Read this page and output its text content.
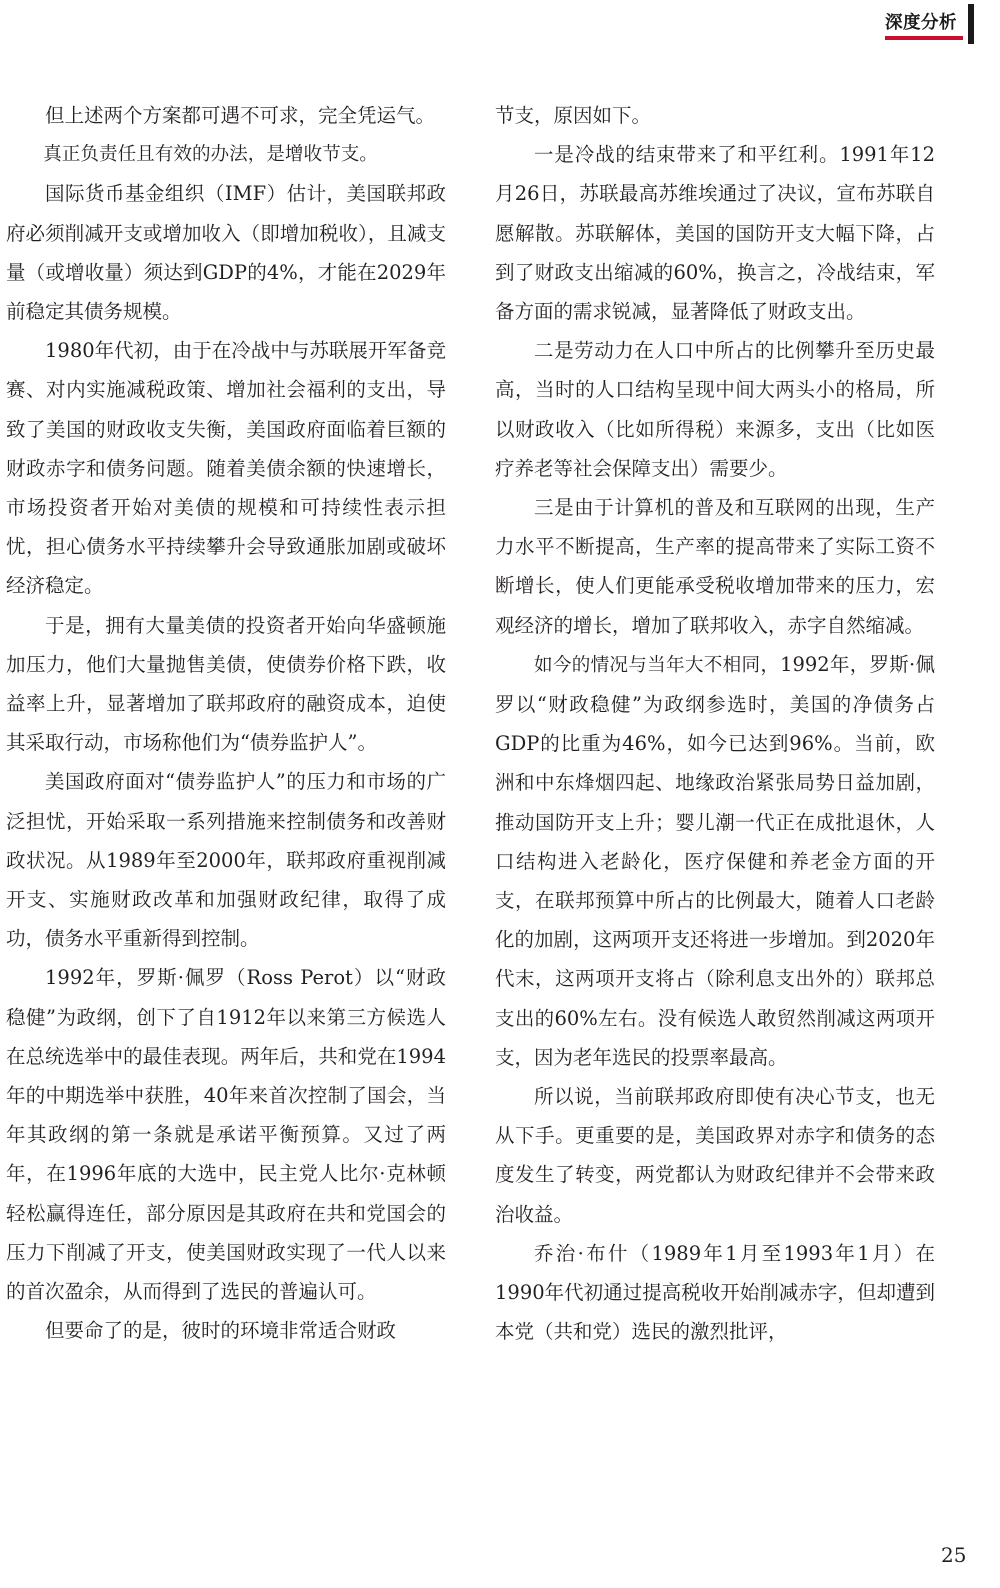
深度分析

但上述两个方案都可遇不可求，完全凭运气。

真正负责任且有效的办法，是增收节支。

国际货币基金组织（IMF）估计，美国联邦政府必须削减开支或增加收入（即增加税收），且减支量（或增收量）须达到GDP的4%，才能在2029年前稳定其债务规模。

1980年代初，由于在冷战中与苏联展开军备竞赛、对内实施减税政策、增加社会福利的支出，导致了美国的财政收支失衡，美国政府面临着巨额的财政赤字和债务问题。随着美债余额的快速增长，市场投资者开始对美债的规模和可持续性表示担忧，担心债务水平持续攀升会导致通胀加剧或破坏经济稳定。

于是，拥有大量美债的投资者开始向华盛顿施加压力，他们大量抛售美债，使债券价格下跌，收益率上升，显著增加了联邦政府的融资成本，迫使其采取行动，市场称他们为“债券监护人”。

美国政府面对“债券监护人”的压力和市场的广泛担忧，开始采取一系列措施来控制债务和改善财政状况。从1989年至2000年，联邦政府重视削减开支、实施财政改革和加强财政纪律，取得了成功，债务水平重新得到控制。

1992年，罗斯·佩罗（Ross Perot）以“财政稳健”为政纲，创下了自1912年以来第三方候选人在总统选举中的最佳表现。两年后，共和党在1994年的中期选举中获胜，40年来首次控制了国会，当年其政纲的第一条就是承诺平衡预算。又过了两年，在1996年底的大选中，民主党人比尔·克林顿轻松赢得连任，部分原因是其政府在共和党国会的压力下削减了开支，使美国财政实现了一代人以来的首次盈余，从而得到了选民的普遍认可。

但要命了的是，彼时的环境非常适合财政

节支，原因如下。

一是冷战的结束带来了和平红利。1991年12月26日，苏联最高苏维埃通过了决议，宣布苏联自愿解散。苏联解体，美国的国防开支大幅下降，占到了财政支出缩减的60%，换言之，冷战结束，军备方面的需求锐减，显著降低了财政支出。

二是劳动力在人口中所占的比例攀升至历史最高，当时的人口结构呈现中间大两头小的格局，所以财政收入（比如所得税）来源多，支出（比如医疗养老等社会保障支出）需要少。

三是由于计算机的普及和互联网的出现，生产力水平不断提高，生产率的提高带来了实际工资不断增长，使人们更能承受税收增加带来的压力，宏观经济的增长，增加了联邦收入，赤字自然缩减。

如今的情况与当年大不相同，1992年，罗斯·佩罗以“财政稳健”为政纲参选时，美国的净债务占GDP的比重为46%，如今已达到96%。当前，欧洲和中东烽烟四起、地缘政治紧张局势日益加剧，推动国防开支上升；婴儿潮一代正在成批退休，人口结构进入老龄化，医疗保健和养老金方面的开支，在联邦预算中所占的比例最大，随着人口老龄化的加剧，这两项开支还将进一步增加。到2020年代末，这两项开支将占（除利息支出外的）联邦总支出的60%左右。没有候选人敢贸然削减这两项开支，因为老年选民的投票率最高。

所以说，当前联邦政府即使有决心节支，也无从下手。更重要的是，美国政界对赤字和债务的态度发生了转变，两党都认为财政纪律并不会带来政治收益。

乔治·布什（1989年1月至1993年1月）在1990年代初通过提高税收开始削减赤字，但却遭到本党（共和党）选民的激烈批评，

25
